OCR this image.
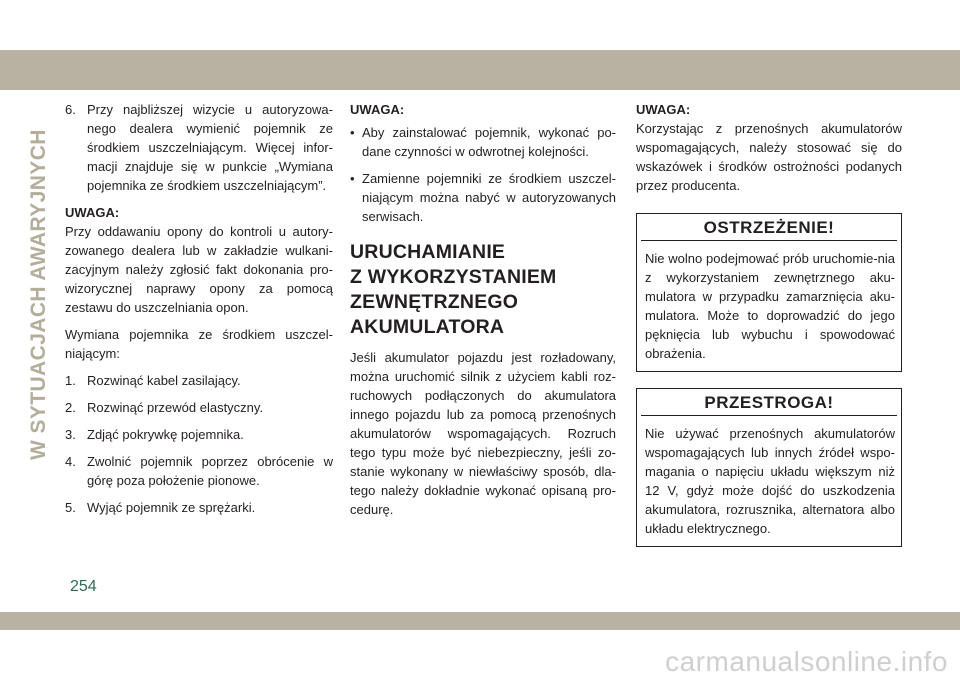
W SYTUACJACH AWARYJNYCH
6. Przy najbliższej wizycie u autoryzowa-nego dealera wymienić pojemnik ze środkiem uszczelniającym. Więcej infor-macji znajduje się w punkcie „Wymiana pojemnika ze środkiem uszczelniającym”.
UWAGA:

Przy oddawaniu opony do kontroli u autory-zowanego dealera lub w zakładzie wulkani-zacyjnym należy zgłosić fakt dokonania pro-wizorycznej naprawy opony za pomocą zestawu do uszczelniania opon.

Wymiana pojemnika ze środkiem uszczel-niającym:

1. Rozwinąć kabel zasilający.
2. Rozwinąć przewód elastyczny.
3. Zdjąć pokrywkę pojemnika.
4. Zwolnić pojemnik poprzez obrócenie w górę poza położenie pionowe.
5. Wyjąć pojemnik ze sprężarki.
UWAGA:
• Aby zainstalować pojemnik, wykonać po-dane czynności w odwrotnej kolejności.
• Zamienne pojemniki ze środkiem uszczel-niającym można nabyć w autoryzowanych serwisach.
URUCHAMIANIE
Z WYKORZYSTANIEM
ZEWNĘTRZNEGO
AKUMULATORA

Jeśli akumulator pojazdu jest rozładowany, można uruchomić silnik z użyciem kabli roz-ruchowych podłączonych do akumulatora innego pojazdu lub za pomocą przenośnych akumulatorów wspomagających. Rozruch tego typu może być niebezpieczny, jeśli zo-stanie wykonany w niewłaściwy sposób, dla-tego należy dokładnie wykonać opisaną pro-cedurę.

UWAGA:

Korzystając z przenośnych akumulatorów wspomagających, należy stosować się do wskazówek i środków ostrożności podanych przez producenta.

OSTRZEŻENIE!
Nie wolno podejmować prób uruchomie-nia z wykorzystaniem zewnętrznego aku-mulatora w przypadku zamarznięcia aku-mulatora. Może to doprowadzić do jego pęknięcia lub wybuchu i spowodować obrażenia.
PRZESTROGA!
Nie używać przenośnych akumulatorów wspomagających lub innych źródeł wspo-magania o napięciu układu większym niż 12 V, gdyż może dojść do uszkodzenia akumulatora, rozrusznika, alternatora albo układu elektrycznego.
254
carmanualsonline.info
